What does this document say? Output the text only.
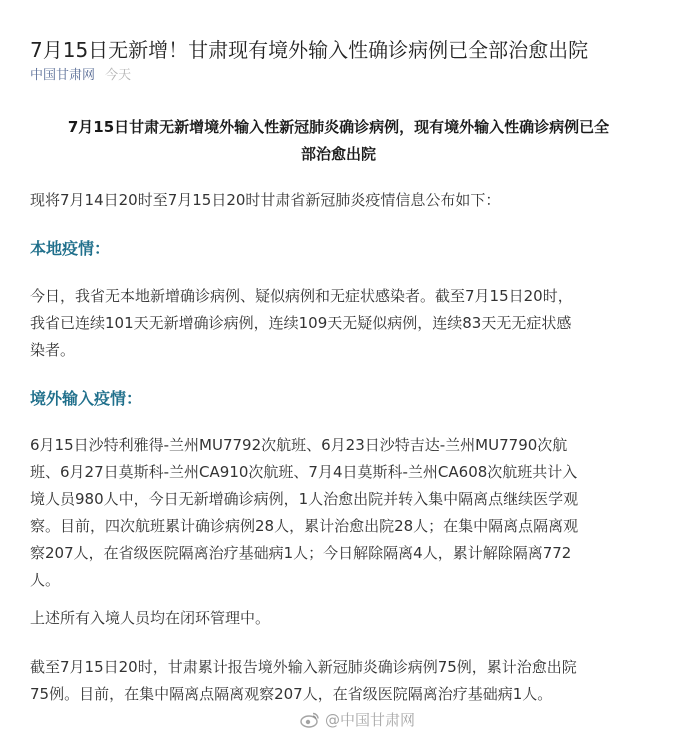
7月15日无新增！甘肃现有境外输入性确诊病例已全部治愈出院
中国甘肃网 今天
7月15日甘肃无新增境外输入性新冠肺炎确诊病例，现有境外输入性确诊病例已全
部治愈出院
现将7月14日20时至7月15日20时甘肃省新冠肺炎疫情信息公布如下：
本地疫情：
今日，我省无本地新增确诊病例、疑似病例和无症状感染者。截至7月15日20时，
我省已连续101天无新增确诊病例，连续109天无疑似病例，连续83天无无症状感
染者。
境外输入疫情：
6月15日沙特利雅得-兰州MU7792次航班、6月23日沙特吉达-兰州MU7790次航
班、6月27日莫斯科-兰州CA910次航班、7月4日莫斯科-兰州CA608次航班共计入
境人员980人中，今日无新增确诊病例，1人治愈出院并转入集中隔离点继续医学观
察。目前，四次航班累计确诊病例28人，累计治愈出院28人；在集中隔离点隔离观
察207人，在省级医院隔离治疗基础病1人；今日解除隔离4人，累计解除隔离772
人。
上述所有入境人员均在闭环管理中。
截至7月15日20时，甘肃累计报告境外输入新冠肺炎确诊病例75例，累计治愈出院
75例。目前，在集中隔离点隔离观察207人，在省级医院隔离治疗基础病1人。
@中国甘肃网
